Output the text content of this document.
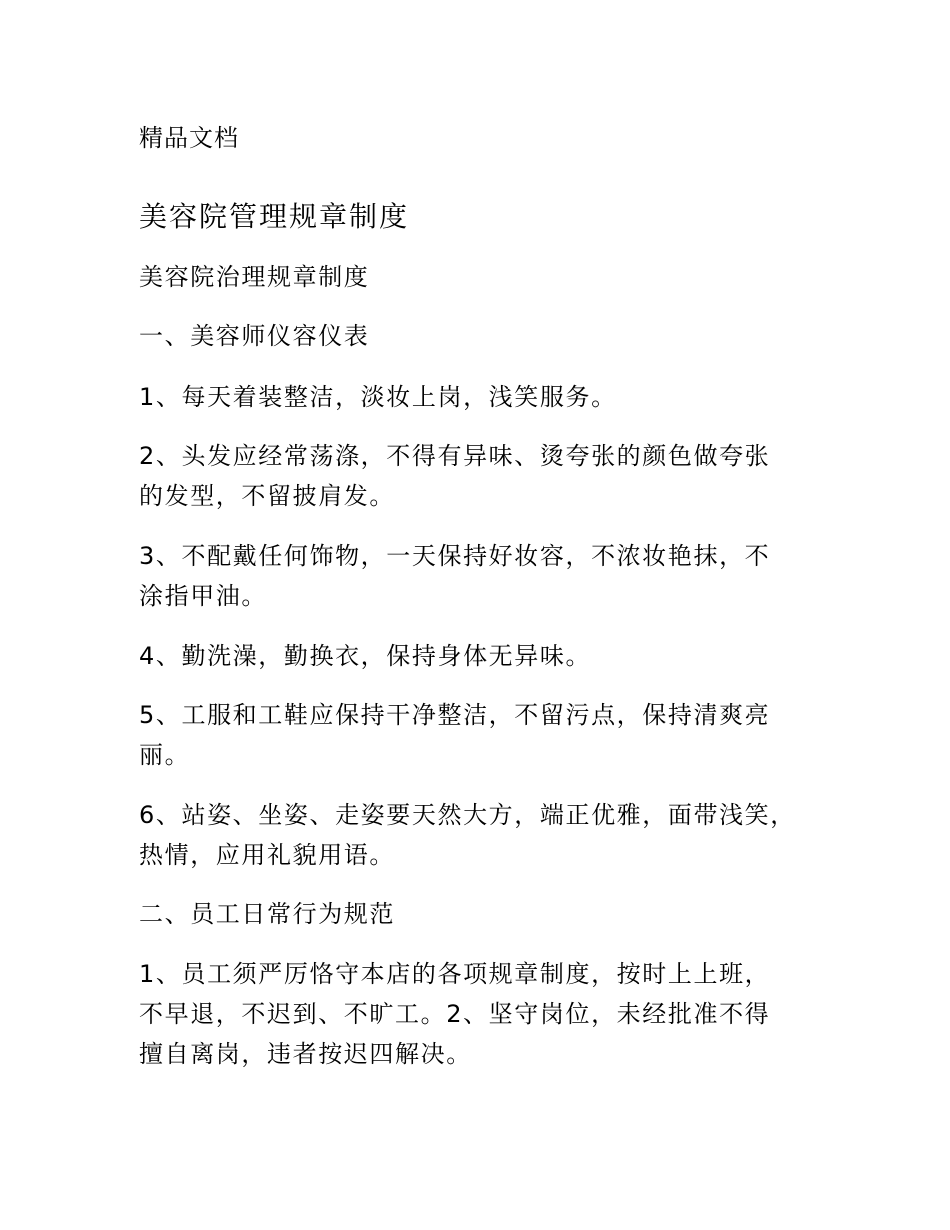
精品文档
美容院管理规章制度
美容院治理规章制度
一、美容师仪容仪表
1、每天着装整洁，淡妆上岗，浅笑服务。
2、头发应经常荡涤，不得有异味、烫夸张的颜色做夸张
的发型，不留披肩发。
3、不配戴任何饰物，一天保持好妆容，不浓妆艳抹，不
涂指甲油。
4、勤洗澡，勤换衣，保持身体无异味。
5、工服和工鞋应保持干净整洁，不留污点，保持清爽亮
丽。
6、站姿、坐姿、走姿要天然大方，端正优雅，面带浅笑，
热情，应用礼貌用语。
二、员工日常行为规范
1、员工须严厉恪守本店的各项规章制度，按时上上班，
不早退，不迟到、不旷工。2、坚守岗位，未经批准不得
擅自离岗，违者按迟四解决。
